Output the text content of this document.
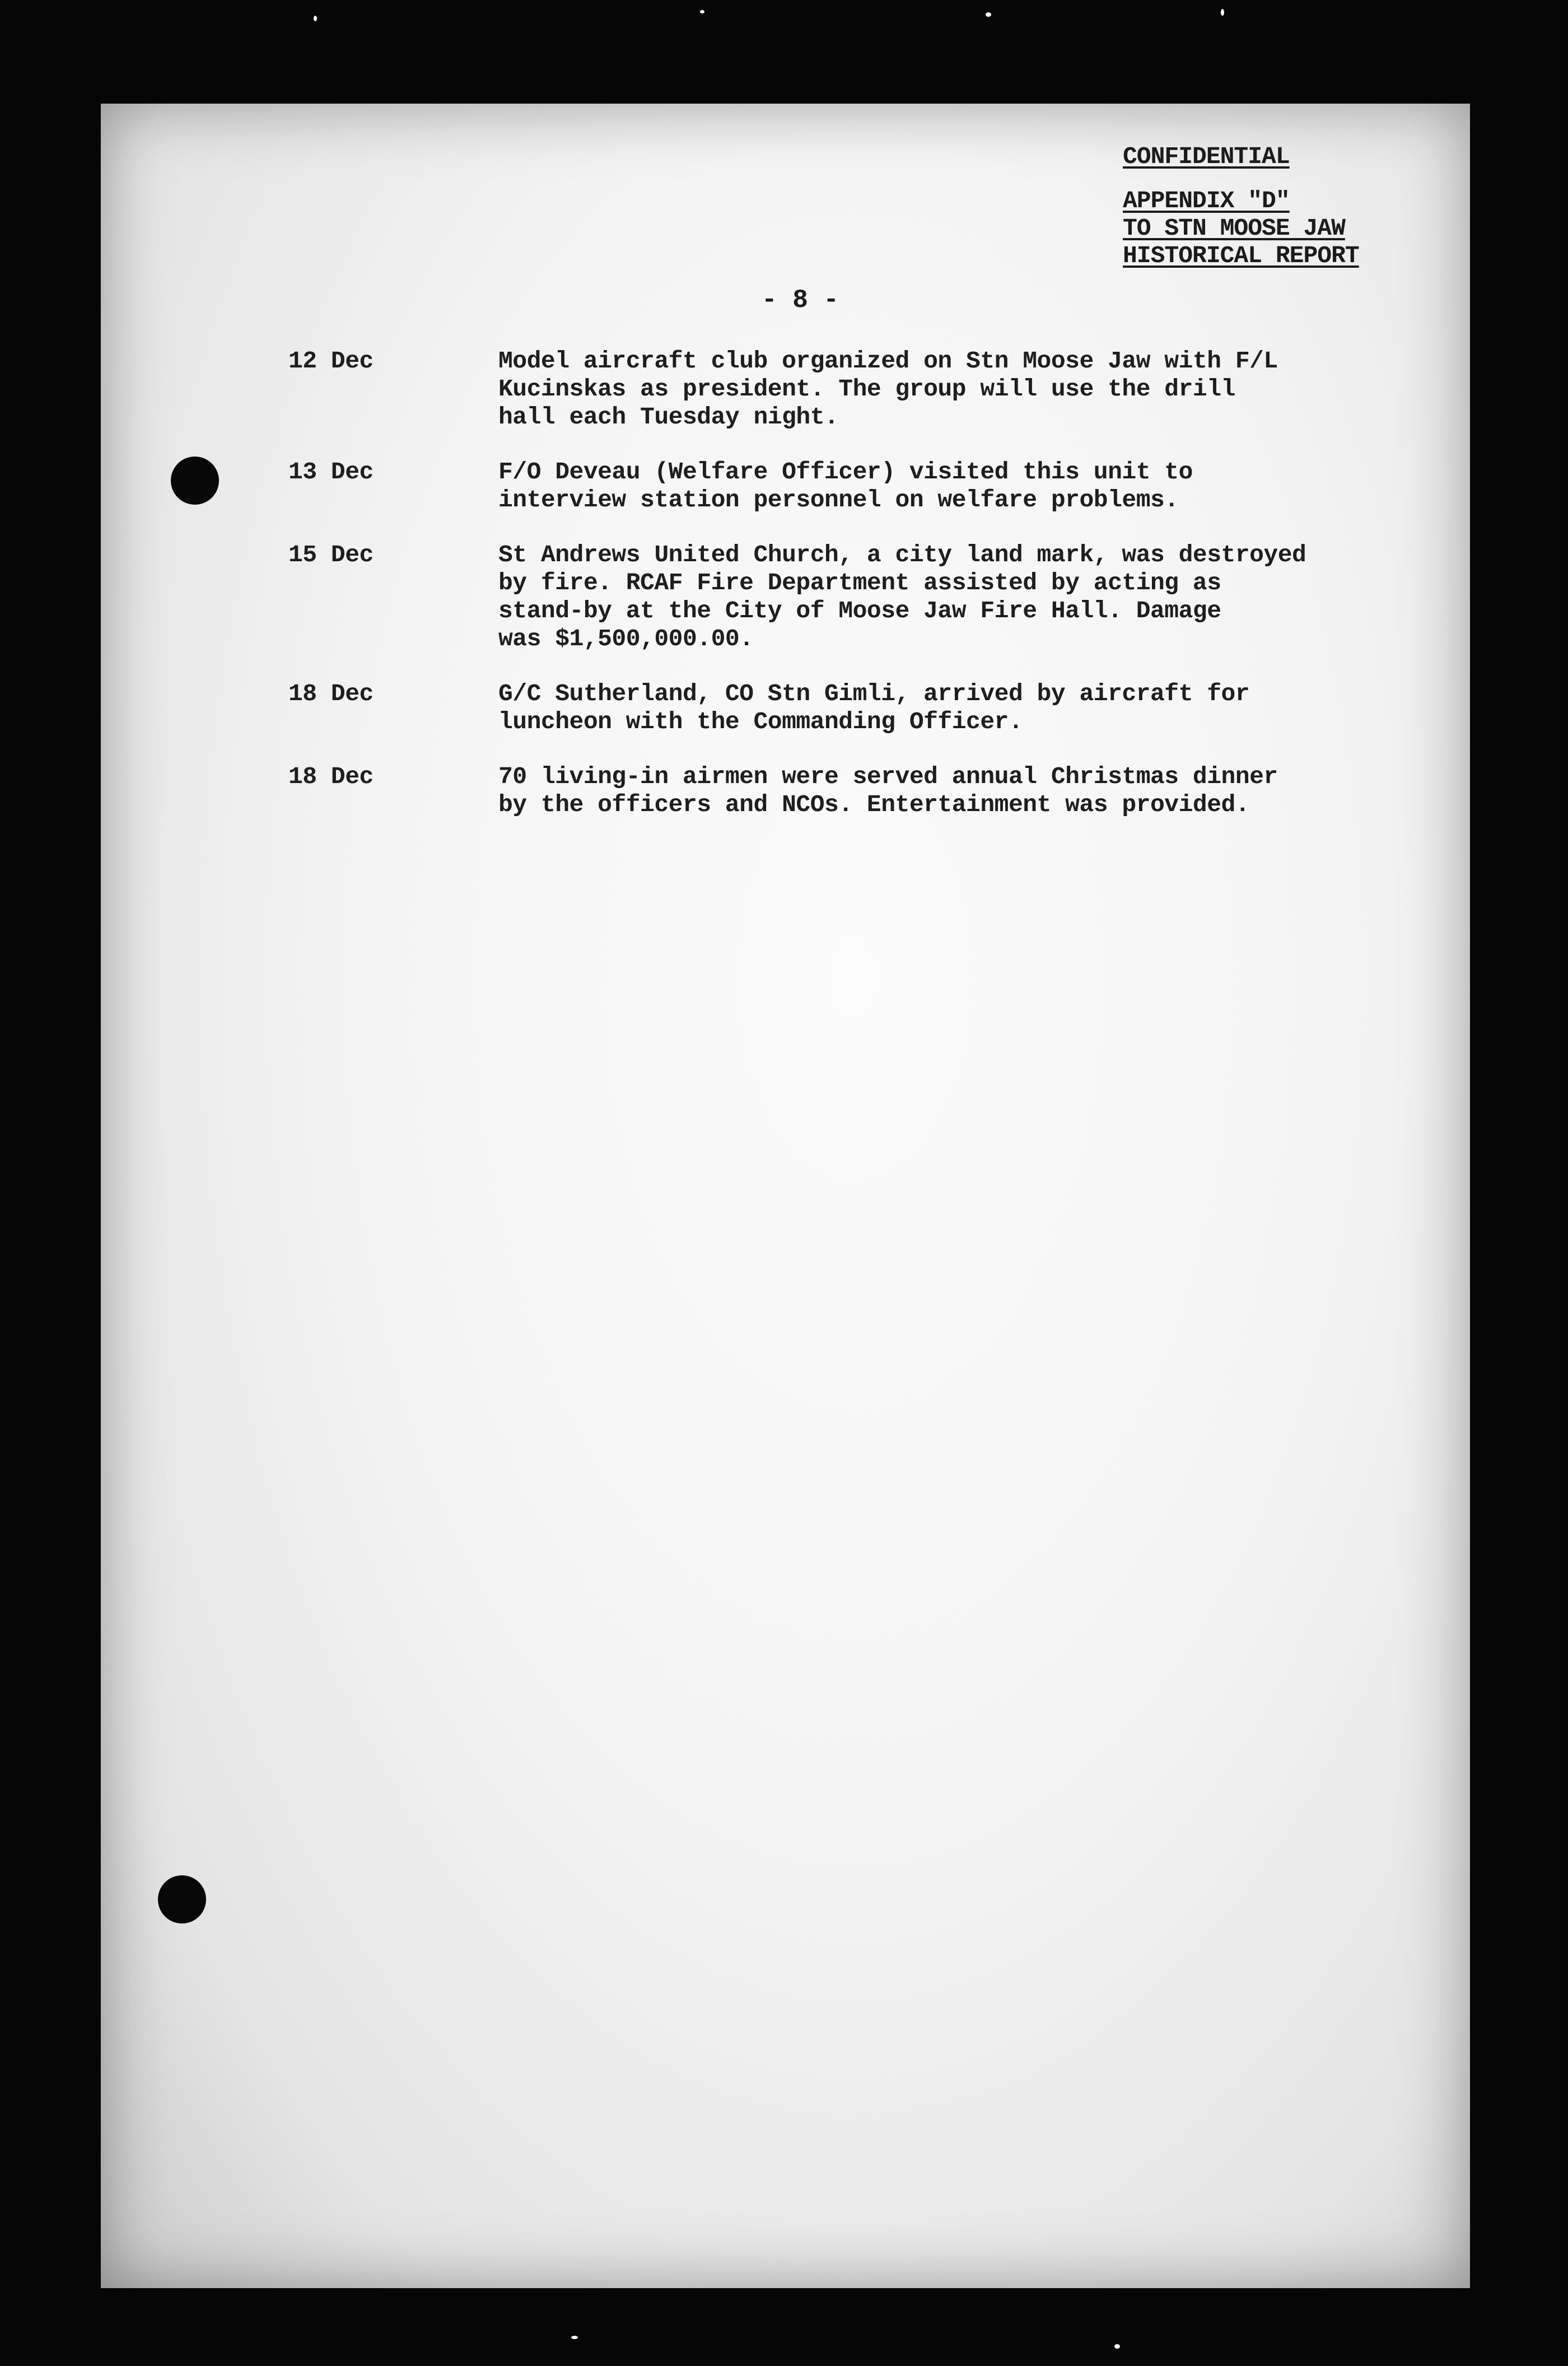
CONFIDENTIAL
APPENDIX "D"
TO STN MOOSE JAW
HISTORICAL REPORT
- 8 -
12 Dec	Model aircraft club organized on Stn Moose Jaw with F/L
Kucinskas as president. The group will use the drill
hall each Tuesday night.
13 Dec	F/O Deveau (Welfare Officer) visited this unit to
interview station personnel on welfare problems.
15 Dec	St Andrews United Church, a city land mark, was destroyed
by fire. RCAF Fire Department assisted by acting as
stand-by at the City of Moose Jaw Fire Hall. Damage
was $1,500,000.00.
18 Dec	G/C Sutherland, CO Stn Gimli, arrived by aircraft for
luncheon with the Commanding Officer.
18 Dec	70 living-in airmen were served annual Christmas dinner
by the officers and NCOs. Entertainment was provided.
